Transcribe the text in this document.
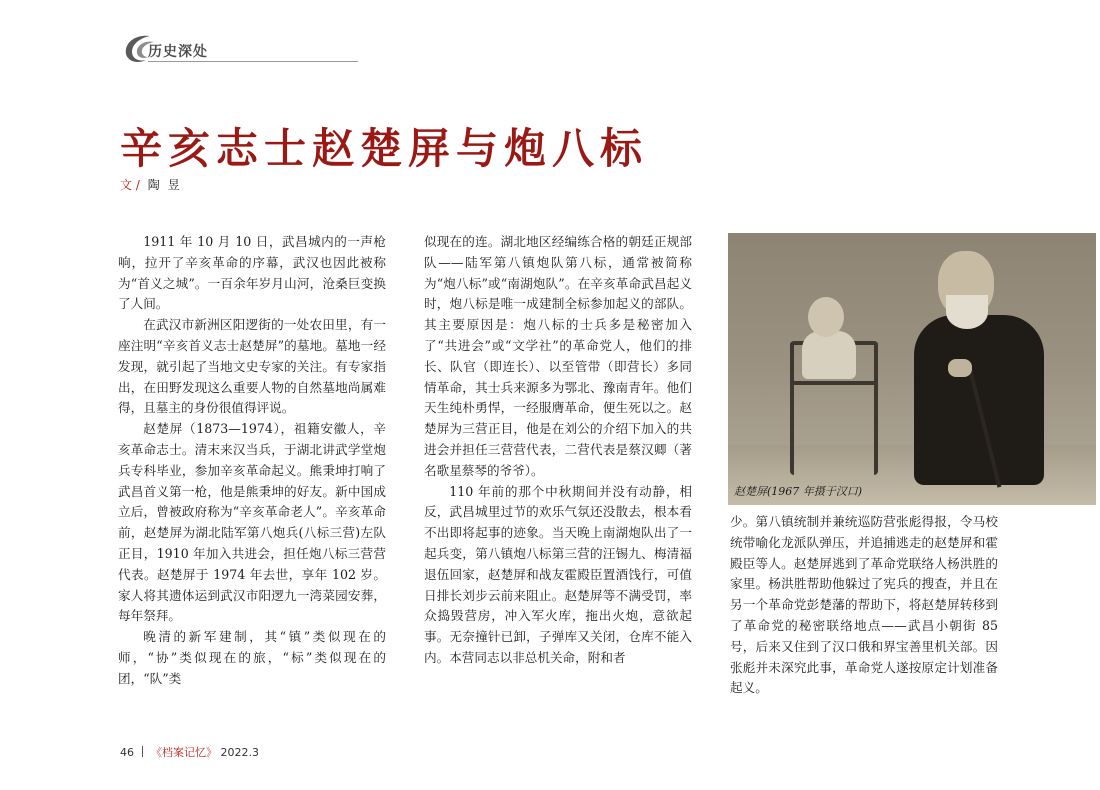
历史深处
辛亥志士赵楚屏与炮八标
文 / 陶昱

1911 年 10 月 10 日，武昌城内的一声枪响，拉开了辛亥革命的序幕，武汉也因此被称为“首义之城”。一百余年岁月山河，沧桑巨变换了人间。

在武汉市新洲区阳逻街的一处农田里，有一座注明“辛亥首义志士赵楚屏”的墓地。墓地一经发现，就引起了当地文史专家的关注。有专家指出，在田野发现这么重要人物的自然墓地尚属难得，且墓主的身份很值得评说。

赵楚屏（1873—1974），祖籍安徽人，辛亥革命志士。清末来汉当兵，于湖北讲武学堂炮兵专科毕业，参加辛亥革命起义。熊秉坤打响了武昌首义第一枪，他是熊秉坤的好友。新中国成立后，曾被政府称为“辛亥革命老人”。辛亥革命前，赵楚屏为湖北陆军第八炮兵(八标三营)左队正目，1910 年加入共进会，担任炮八标三营营代表。赵楚屏于 1974 年去世，享年 102 岁。家人将其遗体运到武汉市阳逻九一湾菜园安葬，每年祭拜。

晚清的新军建制，其“镇”类似现在的师，“协”类似现在的旅，“标”类似现在的团，“队”类

似现在的连。湖北地区经编练合格的朝廷正规部队——陆军第八镇炮队第八标，通常被简称为“炮八标”或“南湖炮队”。在辛亥革命武昌起义时，炮八标是唯一成建制全标参加起义的部队。其主要原因是：炮八标的士兵多是秘密加入了“共进会”或“文学社”的革命党人，他们的排长、队官（即连长）、以至管带（即营长）多同情革命，其士兵来源多为鄂北、豫南青年。他们天生纯朴勇悍，一经服膺革命，便生死以之。赵楚屏为三营正目，他是在刘公的介绍下加入的共进会并担任三营营代表，二营代表是蔡汉卿（著名歌星蔡琴的爷爷）。

110 年前的那个中秋期间并没有动静，相反，武昌城里过节的欢乐气氛还没散去，根本看不出即将起事的迹象。当天晚上南湖炮队出了一起兵变，第八镇炮八标第三营的汪锡九、梅清福退伍回家，赵楚屏和战友霍殿臣置酒饯行，可值日排长刘步云前来阻止。赵楚屏等不满受罚，率众捣毁营房，冲入军火库，拖出火炮，意欲起事。无奈撞针已卸，子弹库又关闭，仓库不能入内。本营同志以非总机关命，附和者

赵楚屏(1967 年摄于汉口)

少。第八镇统制并兼统巡防营张彪得报，令马校统带喻化龙派队弹压，并追捕逃走的赵楚屏和霍殿臣等人。赵楚屏逃到了革命党联络人杨洪胜的家里。杨洪胜帮助他躲过了宪兵的搜查，并且在另一个革命党彭楚藩的帮助下，将赵楚屏转移到了革命党的秘密联络地点——武昌小朝街 85 号，后来又住到了汉口俄和界宝善里机关部。因张彪并未深究此事，革命党人遂按原定计划准备起义。

46 《档案记忆》 2022.3
